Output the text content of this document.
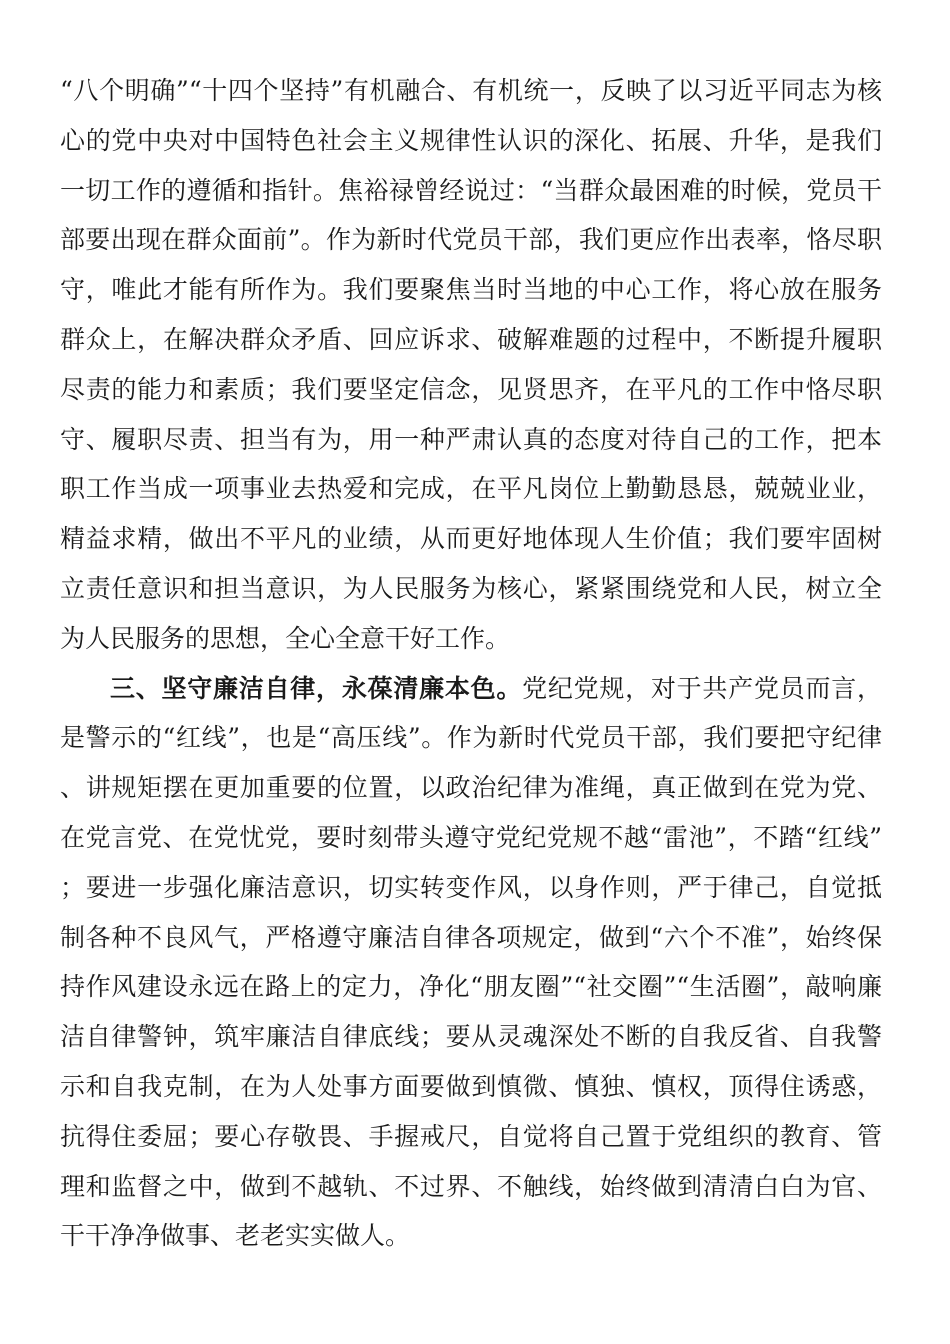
“八个明确”“十四个坚持”有机融合、有机统一，反映了以习近平同志为核心的党中央对中国特色社会主义规律性认识的深化、拓展、升华，是我们一切工作的遵循和指针。焦裕禄曾经说过：“当群众最困难的时候，党员干部要出现在群众面前”。作为新时代党员干部，我们更应作出表率，恪尽职守，唯此才能有所作为。我们要聚焦当时当地的中心工作，将心放在服务群众上，在解决群众矛盾、回应诉求、破解难题的过程中，不断提升履职尽责的能力和素质；我们要坚定信念，见贤思齐，在平凡的工作中恪尽职守、履职尽责、担当有为，用一种严肃认真的态度对待自己的工作，把本职工作当成一项事业去热爱和完成，在平凡岗位上勤勤恳恳，兢兢业业，精益求精，做出不平凡的业绩，从而更好地体现人生价值；我们要牢固树立责任意识和担当意识，为人民服务为核心，紧紧围绕党和人民，树立全为人民服务的思想，全心全意干好工作。

三、坚守廉洁自律，永葆清廉本色。党纪党规，对于共产党员而言，是警示的“红线”，也是“高压线”。作为新时代党员干部，我们要把守纪律、讲规矩摆在更加重要的位置，以政治纪律为准绳，真正做到在党为党、在党言党、在党忧党，要时刻带头遵守党纪党规不越“雷池”，不踏“红线”；要进一步强化廉洁意识，切实转变作风，以身作则，严于律己，自觉抵制各种不良风气，严格遵守廉洁自律各项规定，做到“六个不准”，始终保持作风建设永远在路上的定力，净化“朋友圈”“社交圈”“生活圈”，敲响廉洁自律警钟，筑牢廉洁自律底线；要从灵魂深处不断的自我反省、自我警示和自我克制，在为人处事方面要做到慎微、慎独、慎权，顶得住诱惑，抗得住委屈；要心存敬畏、手握戒尺，自觉将自己置于党组织的教育、管理和监督之中，做到不越轨、不过界、不触线，始终做到清清白白为官、干干净净做事、老老实实做人。
